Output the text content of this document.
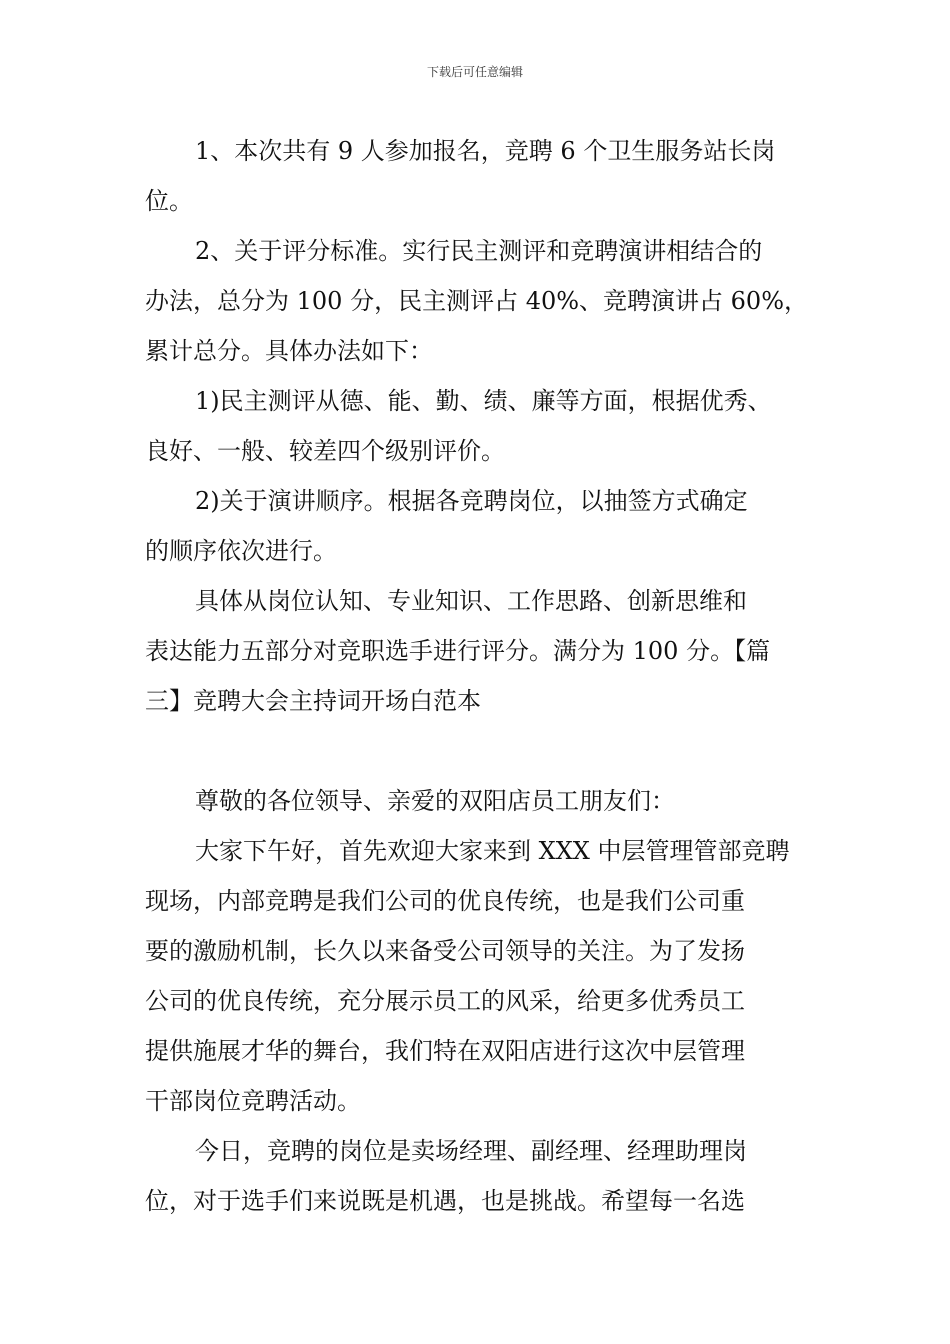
下载后可任意编辑
1、本次共有 9 人参加报名，竞聘 6 个卫生服务站长岗
位。
2、关于评分标准。实行民主测评和竞聘演讲相结合的
办法，总分为 100 分，民主测评占 40%、竞聘演讲占 60%，
累计总分。具体办法如下：
1)民主测评从德、能、勤、绩、廉等方面，根据优秀、
良好、一般、较差四个级别评价。
2)关于演讲顺序。根据各竞聘岗位，以抽签方式确定
的顺序依次进行。
具体从岗位认知、专业知识、工作思路、创新思维和
表达能力五部分对竞职选手进行评分。满分为 100 分。【篇
三】竞聘大会主持词开场白范本
尊敬的各位领导、亲爱的双阳店员工朋友们：
大家下午好，首先欢迎大家来到 XXX 中层管理管部竞聘
现场，内部竞聘是我们公司的优良传统，也是我们公司重
要的激励机制，长久以来备受公司领导的关注。为了发扬
公司的优良传统，充分展示员工的风采，给更多优秀员工
提供施展才华的舞台，我们特在双阳店进行这次中层管理
干部岗位竞聘活动。
今日，竞聘的岗位是卖场经理、副经理、经理助理岗
位，对于选手们来说既是机遇，也是挑战。希望每一名选
